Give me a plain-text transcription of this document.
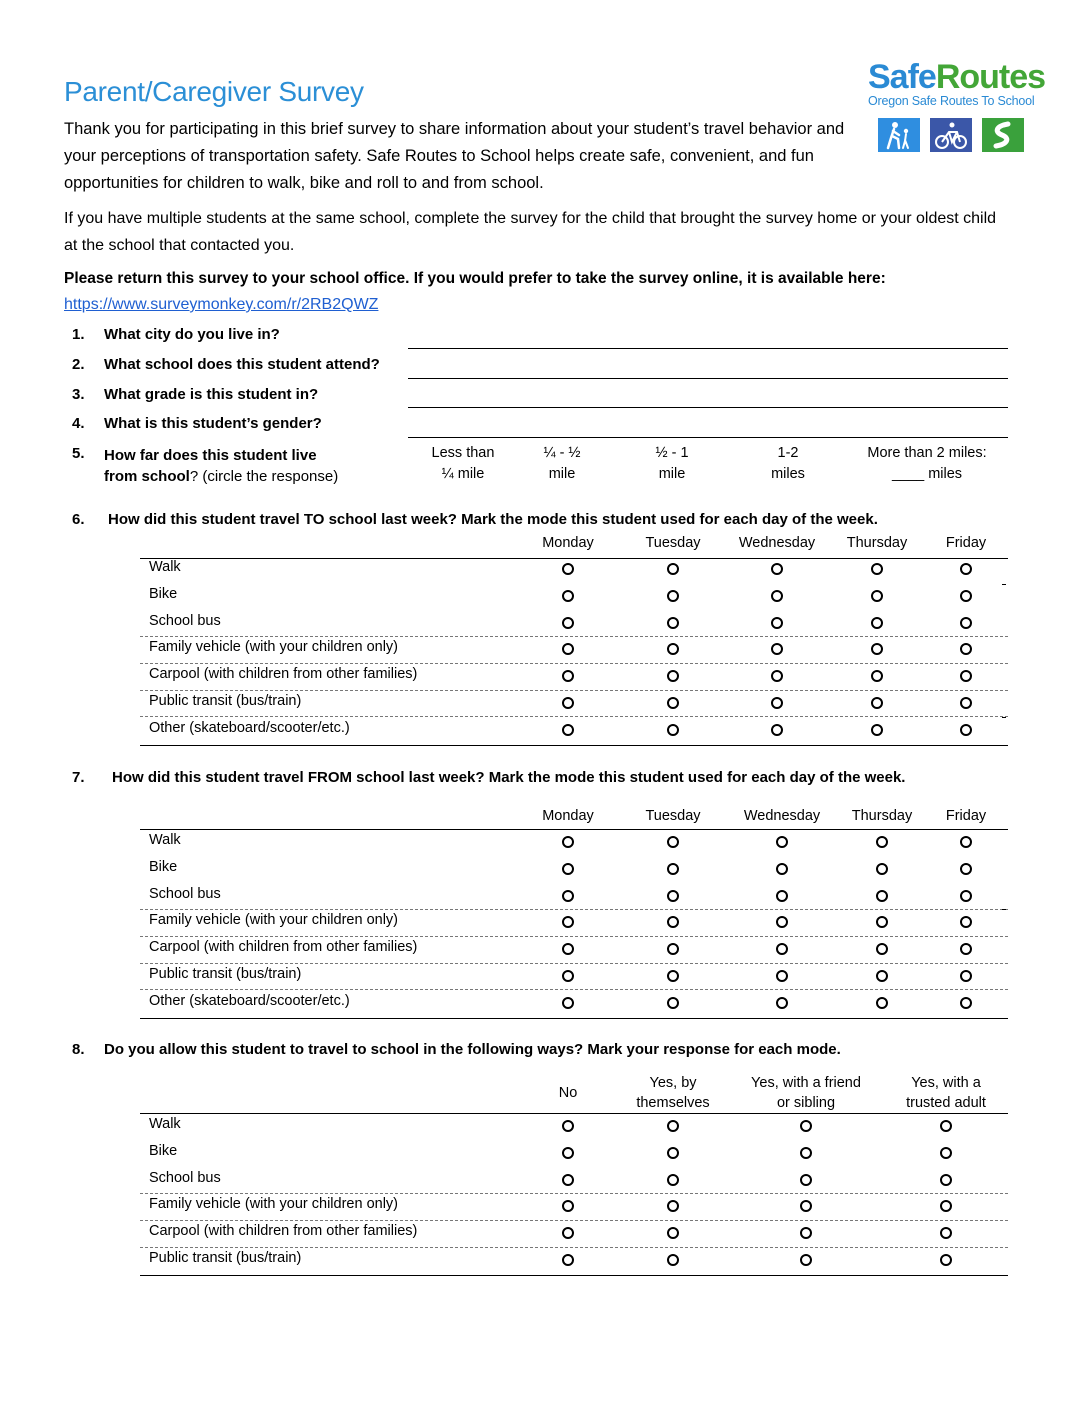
Parent/Caregiver Survey
Thank you for participating in this brief survey to share information about your student’s travel behavior and your perceptions of transportation safety. Safe Routes to School helps create safe, convenient, and fun opportunities for children to walk, bike and roll to and from school.
If you have multiple students at the same school, complete the survey for the child that brought the survey home or your oldest child at the school that contacted you.
Please return this survey to your school office. If you would prefer to take the survey online, it is available here:
https://www.surveymonkey.com/r/2RB2QWZ
SafeRoutes
Oregon Safe Routes To School
1. What city do you live in?
2. What school does this student attend?
3. What grade is this student in?
4. What is this student’s gender?
5. How far does this student live
from school? (circle the response)
Less than
¼ mile
¼ - ½
mile
½ - 1
mile
1-2
miles
More than 2 miles:
____ miles
6. How did this student travel TO school last week? Mark the mode this student used for each day of the week.
Monday	Tuesday	Wednesday	Thursday	Friday
Walk
Bike
School bus
Family vehicle (with your children only)
Carpool (with children from other families)
Public transit (bus/train)
Other (skateboard/scooter/etc.)
7. How did this student travel FROM school last week? Mark the mode this student used for each day of the week.
Monday	Tuesday	Wednesday	Thursday	Friday
Walk
Bike
School bus
Family vehicle (with your children only)
Carpool (with children from other families)
Public transit (bus/train)
Other (skateboard/scooter/etc.)
8. Do you allow this student to travel to school in the following ways? Mark your response for each mode.
No
Yes, by
themselves
Yes, with a friend
or sibling
Yes, with a
trusted adult
Walk
Bike
School bus
Family vehicle (with your children only)
Carpool (with children from other families)
Public transit (bus/train)
